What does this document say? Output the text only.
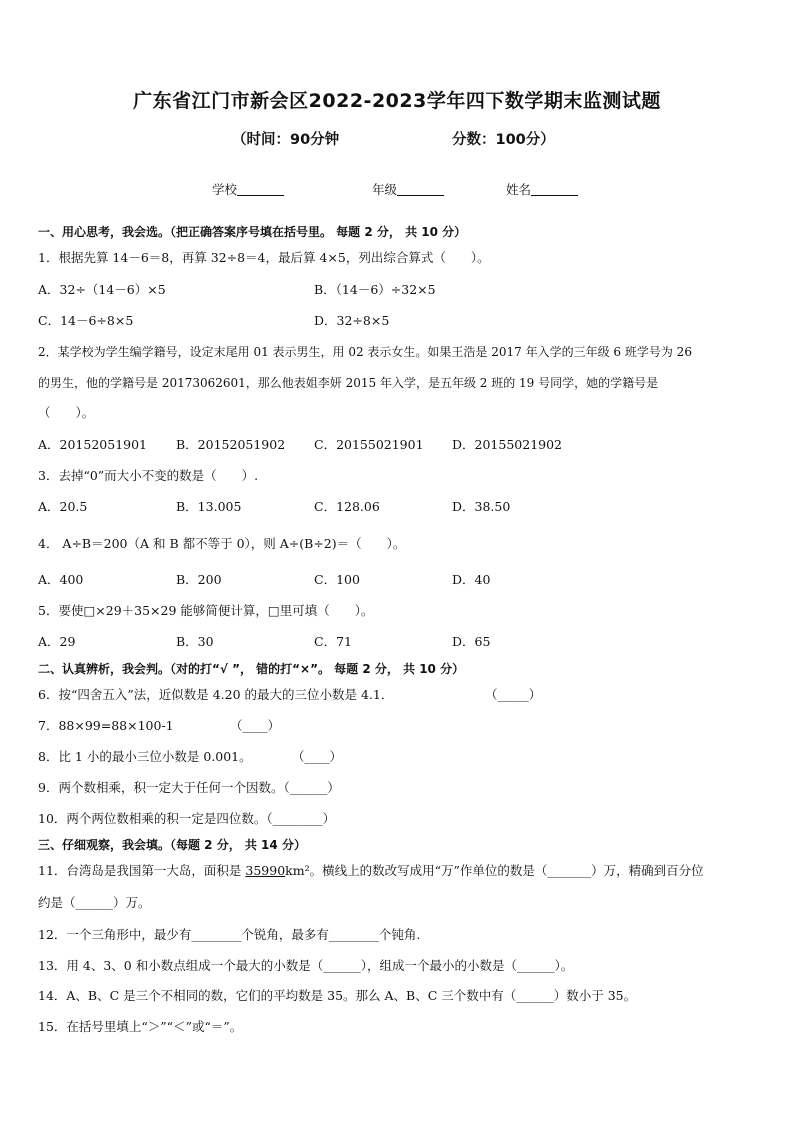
广东省江门市新会区2022-2023学年四下数学期末监测试题
（时间：90分钟	分数：100分）
学校	年级	姓名
一、用心思考，我会选。（把正确答案序号填在括号里。 每题 2 分， 共 10 分）
1．根据先算 14－6＝8，再算 32÷8＝4，最后算 4×5，列出综合算式（　　）。
A．32÷（14－6）×5	B．（14－6）÷32×5
C．14－6÷8×5	D．32÷8×5
2．某学校为学生编学籍号，设定末尾用 01 表示男生，用 02 表示女生。如果王浩是 2017 年入学的三年级 6 班学号为 26
的男生，他的学籍号是 20173062601，那么他表姐李妍 2015 年入学，是五年级 2 班的 19 号同学，她的学籍号是
（　　）。
A．20152051901 B．20152051902 C．20155021901 D．20155021902
3．去掉“0”而大小不变的数是（　　）.
A．20.5	B．13.005	C．128.06	D．38.50
4． A÷B＝200（A 和 B 都不等于 0），则 A÷(B÷2)＝（　　）。
A．400	B．200	C．100	D．40
5．要使□×29＋35×29 能够简便计算，□里可填（　　）。
A．29	B．30	C．71	D．65
二、认真辨析，我会判。（对的打“√ ”， 错的打“×”。 每题 2 分， 共 10 分）
6．按“四舍五入”法，近似数是 4.20 的最大的三位小数是 4.1．	（_____）
7．88×99=88×100-1	（____）
8．比 1 小的最小三位小数是 0.001。	（____）
9．两个数相乘，积一定大于任何一个因数。（______）
10．两个两位数相乘的积一定是四位数。（________）
三、仔细观察，我会填。（每题 2 分， 共 14 分）
11．台湾岛是我国第一大岛，面积是 35990km²。横线上的数改写成用“万”作单位的数是（_______）万，精确到百分位
约是（______）万。
12．一个三角形中，最少有________个锐角，最多有________个钝角.
13．用 4、3、0 和小数点组成一个最大的小数是（______），组成一个最小的小数是（______）。
14．A、B、C 是三个不相同的数，它们的平均数是 35。那么 A、B、C 三个数中有（______）数小于 35。
15．在括号里填上“＞”“＜”或“＝”。
